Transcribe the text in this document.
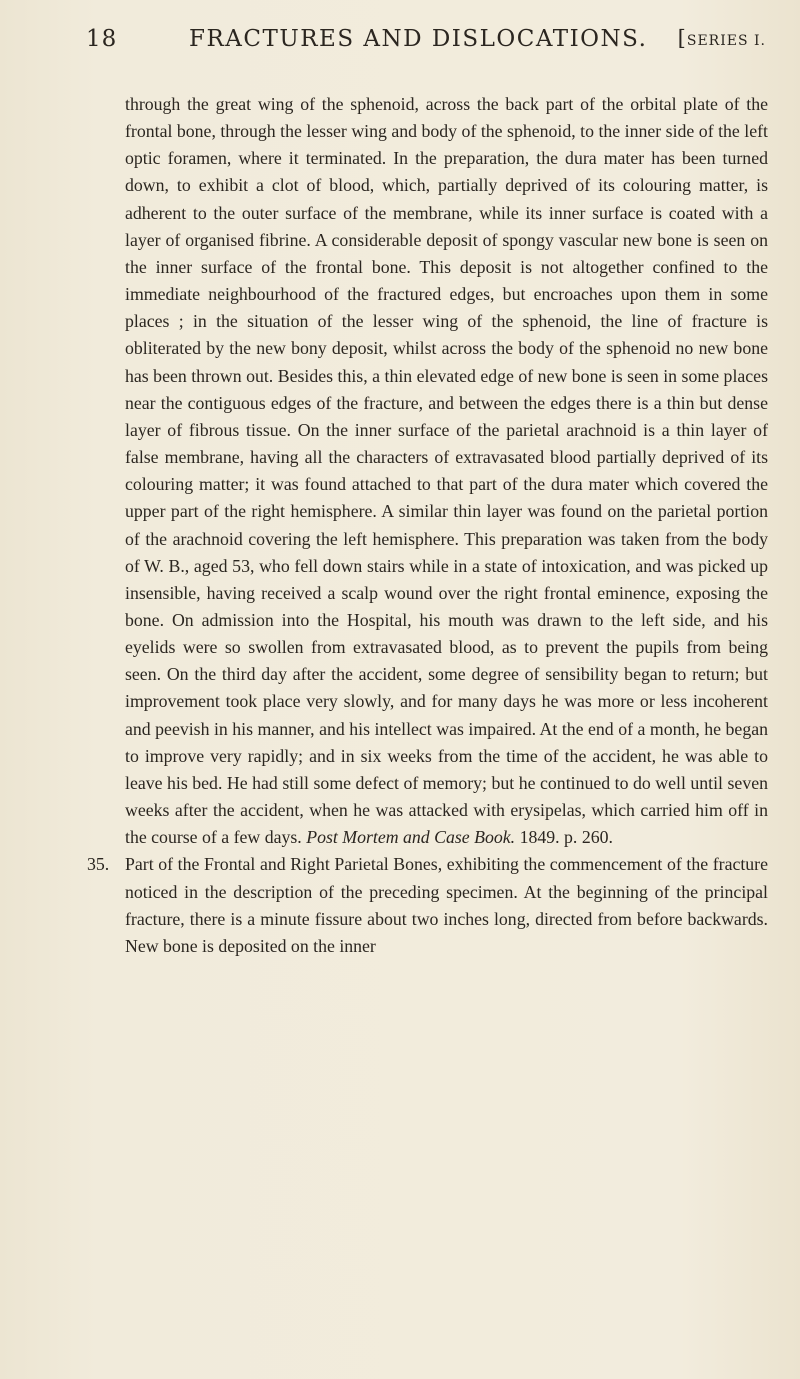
18	FRACTURES AND DISLOCATIONS. [SERIES I.

through the great wing of the sphenoid, across the back part of the orbital plate of the frontal bone, through the lesser wing and body of the sphenoid, to the inner side of the left optic foramen, where it terminated. In the preparation, the dura mater has been turned down, to exhibit a clot of blood, which, partially deprived of its colouring matter, is adherent to the outer surface of the membrane, while its inner surface is coated with a layer of organised fibrine. A considerable deposit of spongy vascular new bone is seen on the inner surface of the frontal bone. This deposit is not altogether confined to the immediate neighbourhood of the fractured edges, but encroaches upon them in some places ; in the situation of the lesser wing of the sphenoid, the line of fracture is obliterated by the new bony deposit, whilst across the body of the sphenoid no new bone has been thrown out. Besides this, a thin elevated edge of new bone is seen in some places near the contiguous edges of the fracture, and between the edges there is a thin but dense layer of fibrous tissue. On the inner surface of the parietal arachnoid is a thin layer of false membrane, having all the characters of extravasated blood partially deprived of its colouring matter; it was found attached to that part of the dura mater which covered the upper part of the right hemisphere. A similar thin layer was found on the parietal portion of the arachnoid covering the left hemisphere. This preparation was taken from the body of W. B., aged 53, who fell down stairs while in a state of intoxication, and was picked up insensible, having received a scalp wound over the right frontal eminence, exposing the bone. On admission into the Hospital, his mouth was drawn to the left side, and his eyelids were so swollen from extravasated blood, as to prevent the pupils from being seen. On the third day after the accident, some degree of sensibility began to return; but improvement took place very slowly, and for many days he was more or less incoherent and peevish in his manner, and his intellect was impaired. At the end of a month, he began to improve very rapidly; and in six weeks from the time of the accident, he was able to leave his bed. He had still some defect of memory; but he continued to do well until seven weeks after the accident, when he was attacked with erysipelas, which carried him off in the course of a few days. Post Mortem and Case Book. 1849. p. 260.

35. Part of the Frontal and Right Parietal Bones, exhibiting the commencement of the fracture noticed in the description of the preceding specimen. At the beginning of the principal fracture, there is a minute fissure about two inches long, directed from before backwards. New bone is deposited on the inner
